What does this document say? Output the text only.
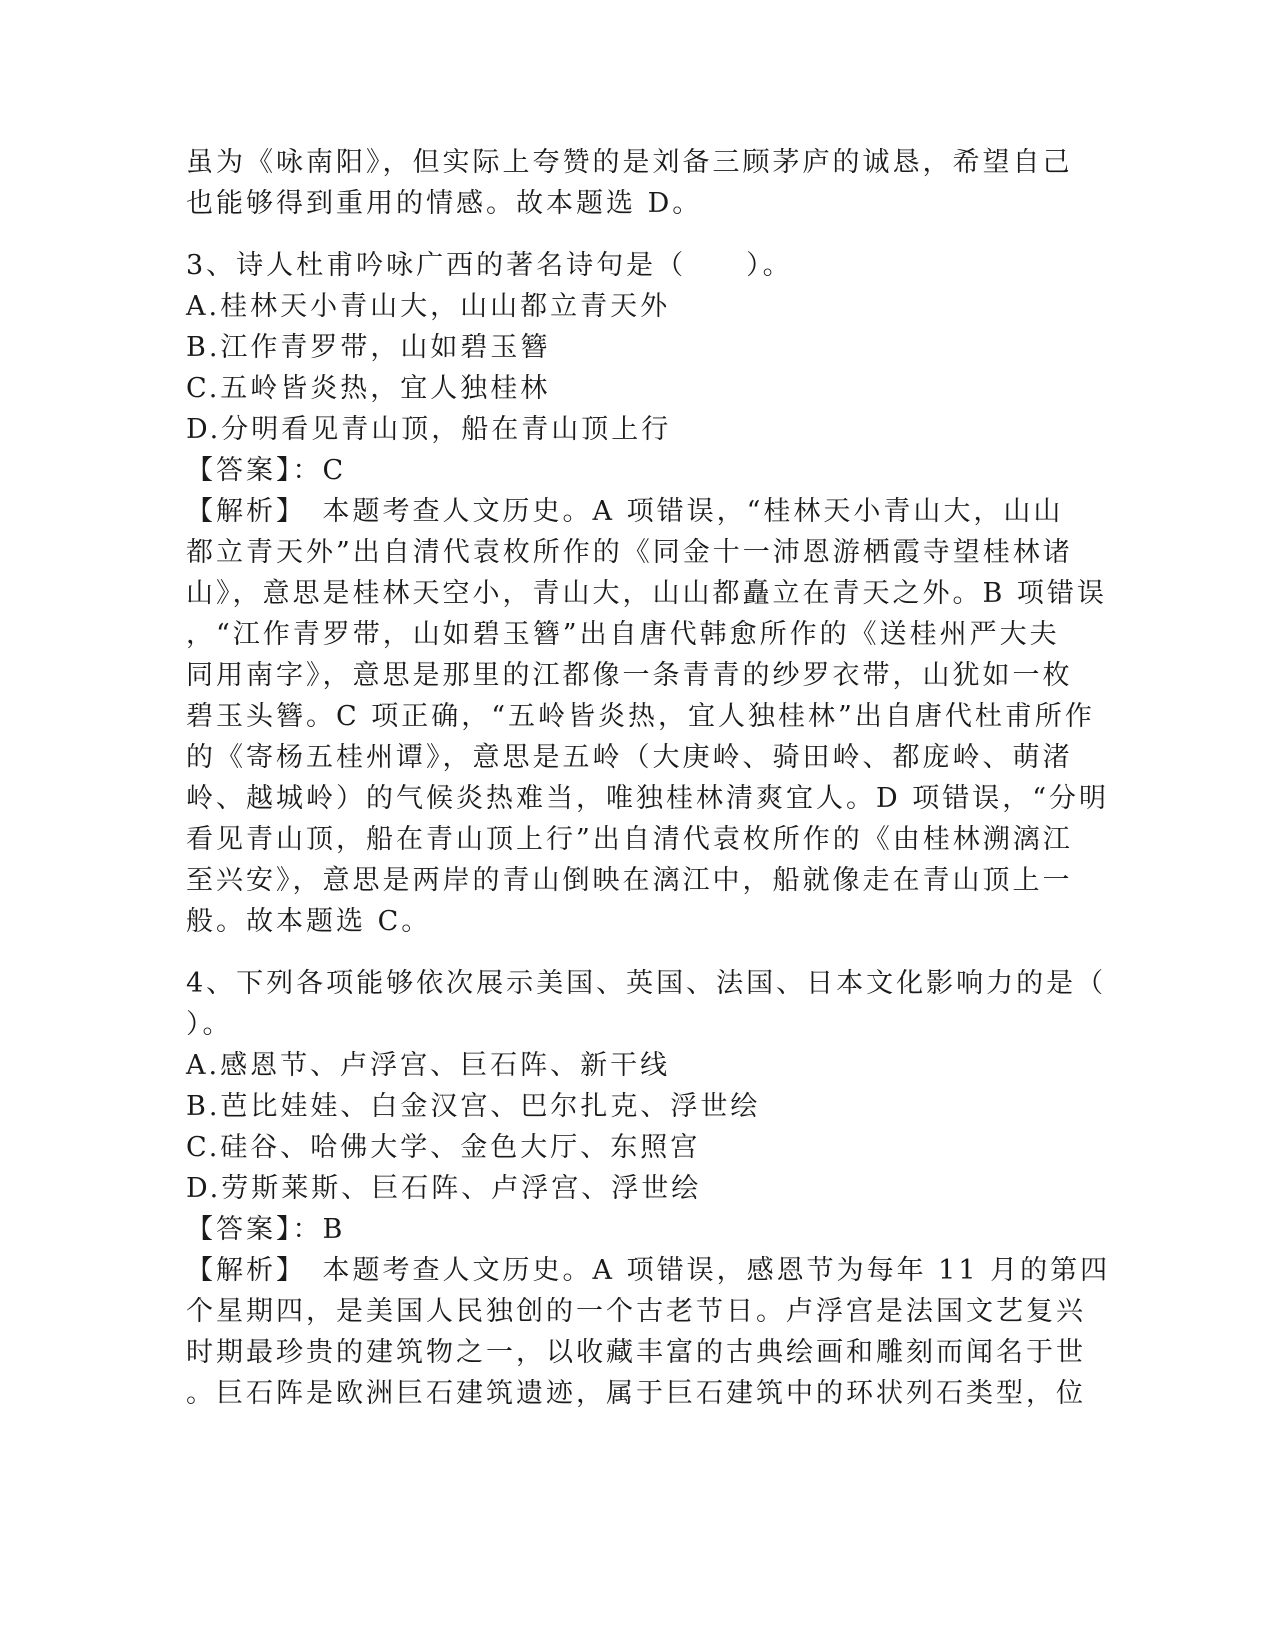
虽为《咏南阳》，但实际上夸赞的是刘备三顾茅庐的诚恳，希望自己
也能够得到重用的情感。故本题选 D。
3、诗人杜甫吟咏广西的著名诗句是（　　）。
A.桂林天小青山大，山山都立青天外
B.江作青罗带，山如碧玉簪
C.五岭皆炎热，宜人独桂林
D.分明看见青山顶，船在青山顶上行
【答案】：C
【解析】　本题考查人文历史。A 项错误，“桂林天小青山大，山山
都立青天外”出自清代袁枚所作的《同金十一沛恩游栖霞寺望桂林诸
山》，意思是桂林天空小，青山大，山山都矗立在青天之外。B 项错误
，“江作青罗带，山如碧玉簪”出自唐代韩愈所作的《送桂州严大夫
同用南字》，意思是那里的江都像一条青青的纱罗衣带，山犹如一枚
碧玉头簪。C 项正确，“五岭皆炎热，宜人独桂林”出自唐代杜甫所作
的《寄杨五桂州谭》，意思是五岭（大庚岭、骑田岭、都庞岭、萌渚
岭、越城岭）的气候炎热难当，唯独桂林清爽宜人。D 项错误，“分明
看见青山顶，船在青山顶上行”出自清代袁枚所作的《由桂林溯漓江
至兴安》，意思是两岸的青山倒映在漓江中，船就像走在青山顶上一
般。故本题选 C。
4、下列各项能够依次展示美国、英国、法国、日本文化影响力的是（
）。
A.感恩节、卢浮宫、巨石阵、新干线
B.芭比娃娃、白金汉宫、巴尔扎克、浮世绘
C.硅谷、哈佛大学、金色大厅、东照宫
D.劳斯莱斯、巨石阵、卢浮宫、浮世绘
【答案】：B
【解析】　本题考查人文历史。A 项错误，感恩节为每年 11 月的第四
个星期四，是美国人民独创的一个古老节日。卢浮宫是法国文艺复兴
时期最珍贵的建筑物之一，以收藏丰富的古典绘画和雕刻而闻名于世
。巨石阵是欧洲巨石建筑遗迹，属于巨石建筑中的环状列石类型，位
